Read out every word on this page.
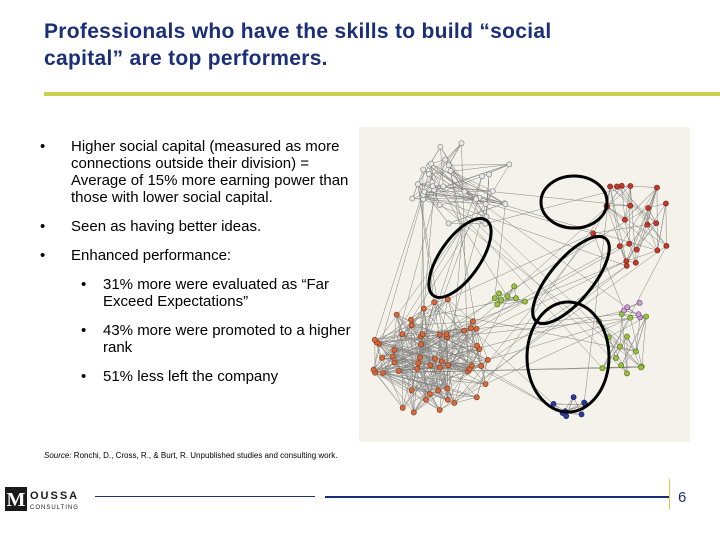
Professionals who have the skills to build “social
capital” are top performers.
• Higher social capital (measured as more connections outside their division) = Average of 15% more earning power than those with lower social capital.
• Seen as having better ideas.
• Enhanced performance:
• 31% more were evaluated as “Far Exceed Expectations”
• 43% more were promoted to a higher rank
• 51% less left the company
Source: Ronchi, D., Cross, R., & Burt, R. Unpublished studies and consulting work.
M OUSSA
CONSULTING
6
